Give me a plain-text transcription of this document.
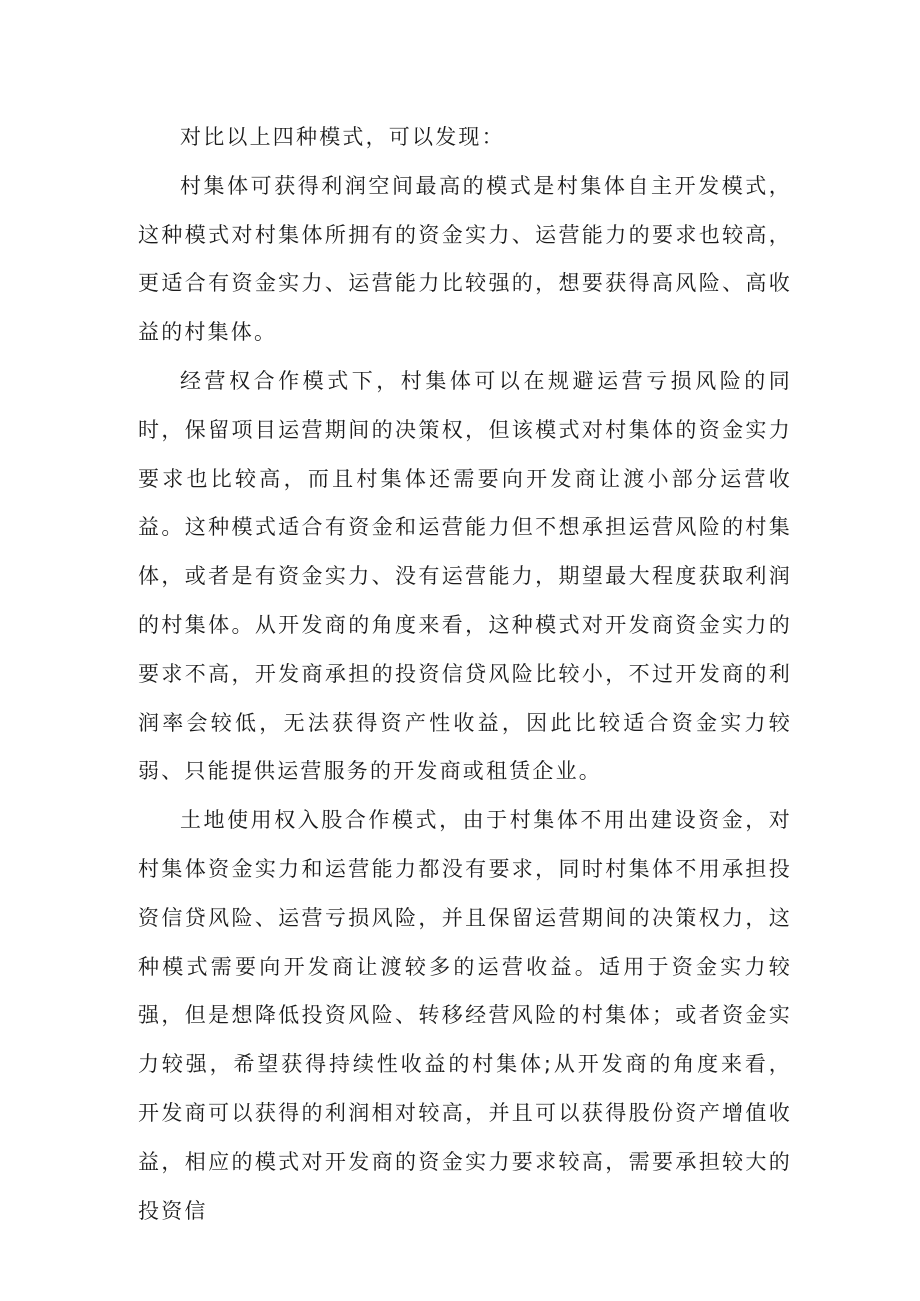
对比以上四种模式，可以发现：

村集体可获得利润空间最高的模式是村集体自主开发模式，这种模式对村集体所拥有的资金实力、运营能力的要求也较高，更适合有资金实力、运营能力比较强的，想要获得高风险、高收益的村集体。

经营权合作模式下，村集体可以在规避运营亏损风险的同时，保留项目运营期间的决策权，但该模式对村集体的资金实力要求也比较高，而且村集体还需要向开发商让渡小部分运营收益。这种模式适合有资金和运营能力但不想承担运营风险的村集体，或者是有资金实力、没有运营能力，期望最大程度获取利润的村集体。从开发商的角度来看，这种模式对开发商资金实力的要求不高，开发商承担的投资信贷风险比较小，不过开发商的利润率会较低，无法获得资产性收益，因此比较适合资金实力较弱、只能提供运营服务的开发商或租赁企业。

土地使用权入股合作模式，由于村集体不用出建设资金，对村集体资金实力和运营能力都没有要求，同时村集体不用承担投资信贷风险、运营亏损风险，并且保留运营期间的决策权力，这种模式需要向开发商让渡较多的运营收益。适用于资金实力较强，但是想降低投资风险、转移经营风险的村集体；或者资金实力较强，希望获得持续性收益的村集体;从开发商的角度来看，开发商可以获得的利润相对较高，并且可以获得股份资产增值收益，相应的模式对开发商的资金实力要求较高，需要承担较大的投资信
